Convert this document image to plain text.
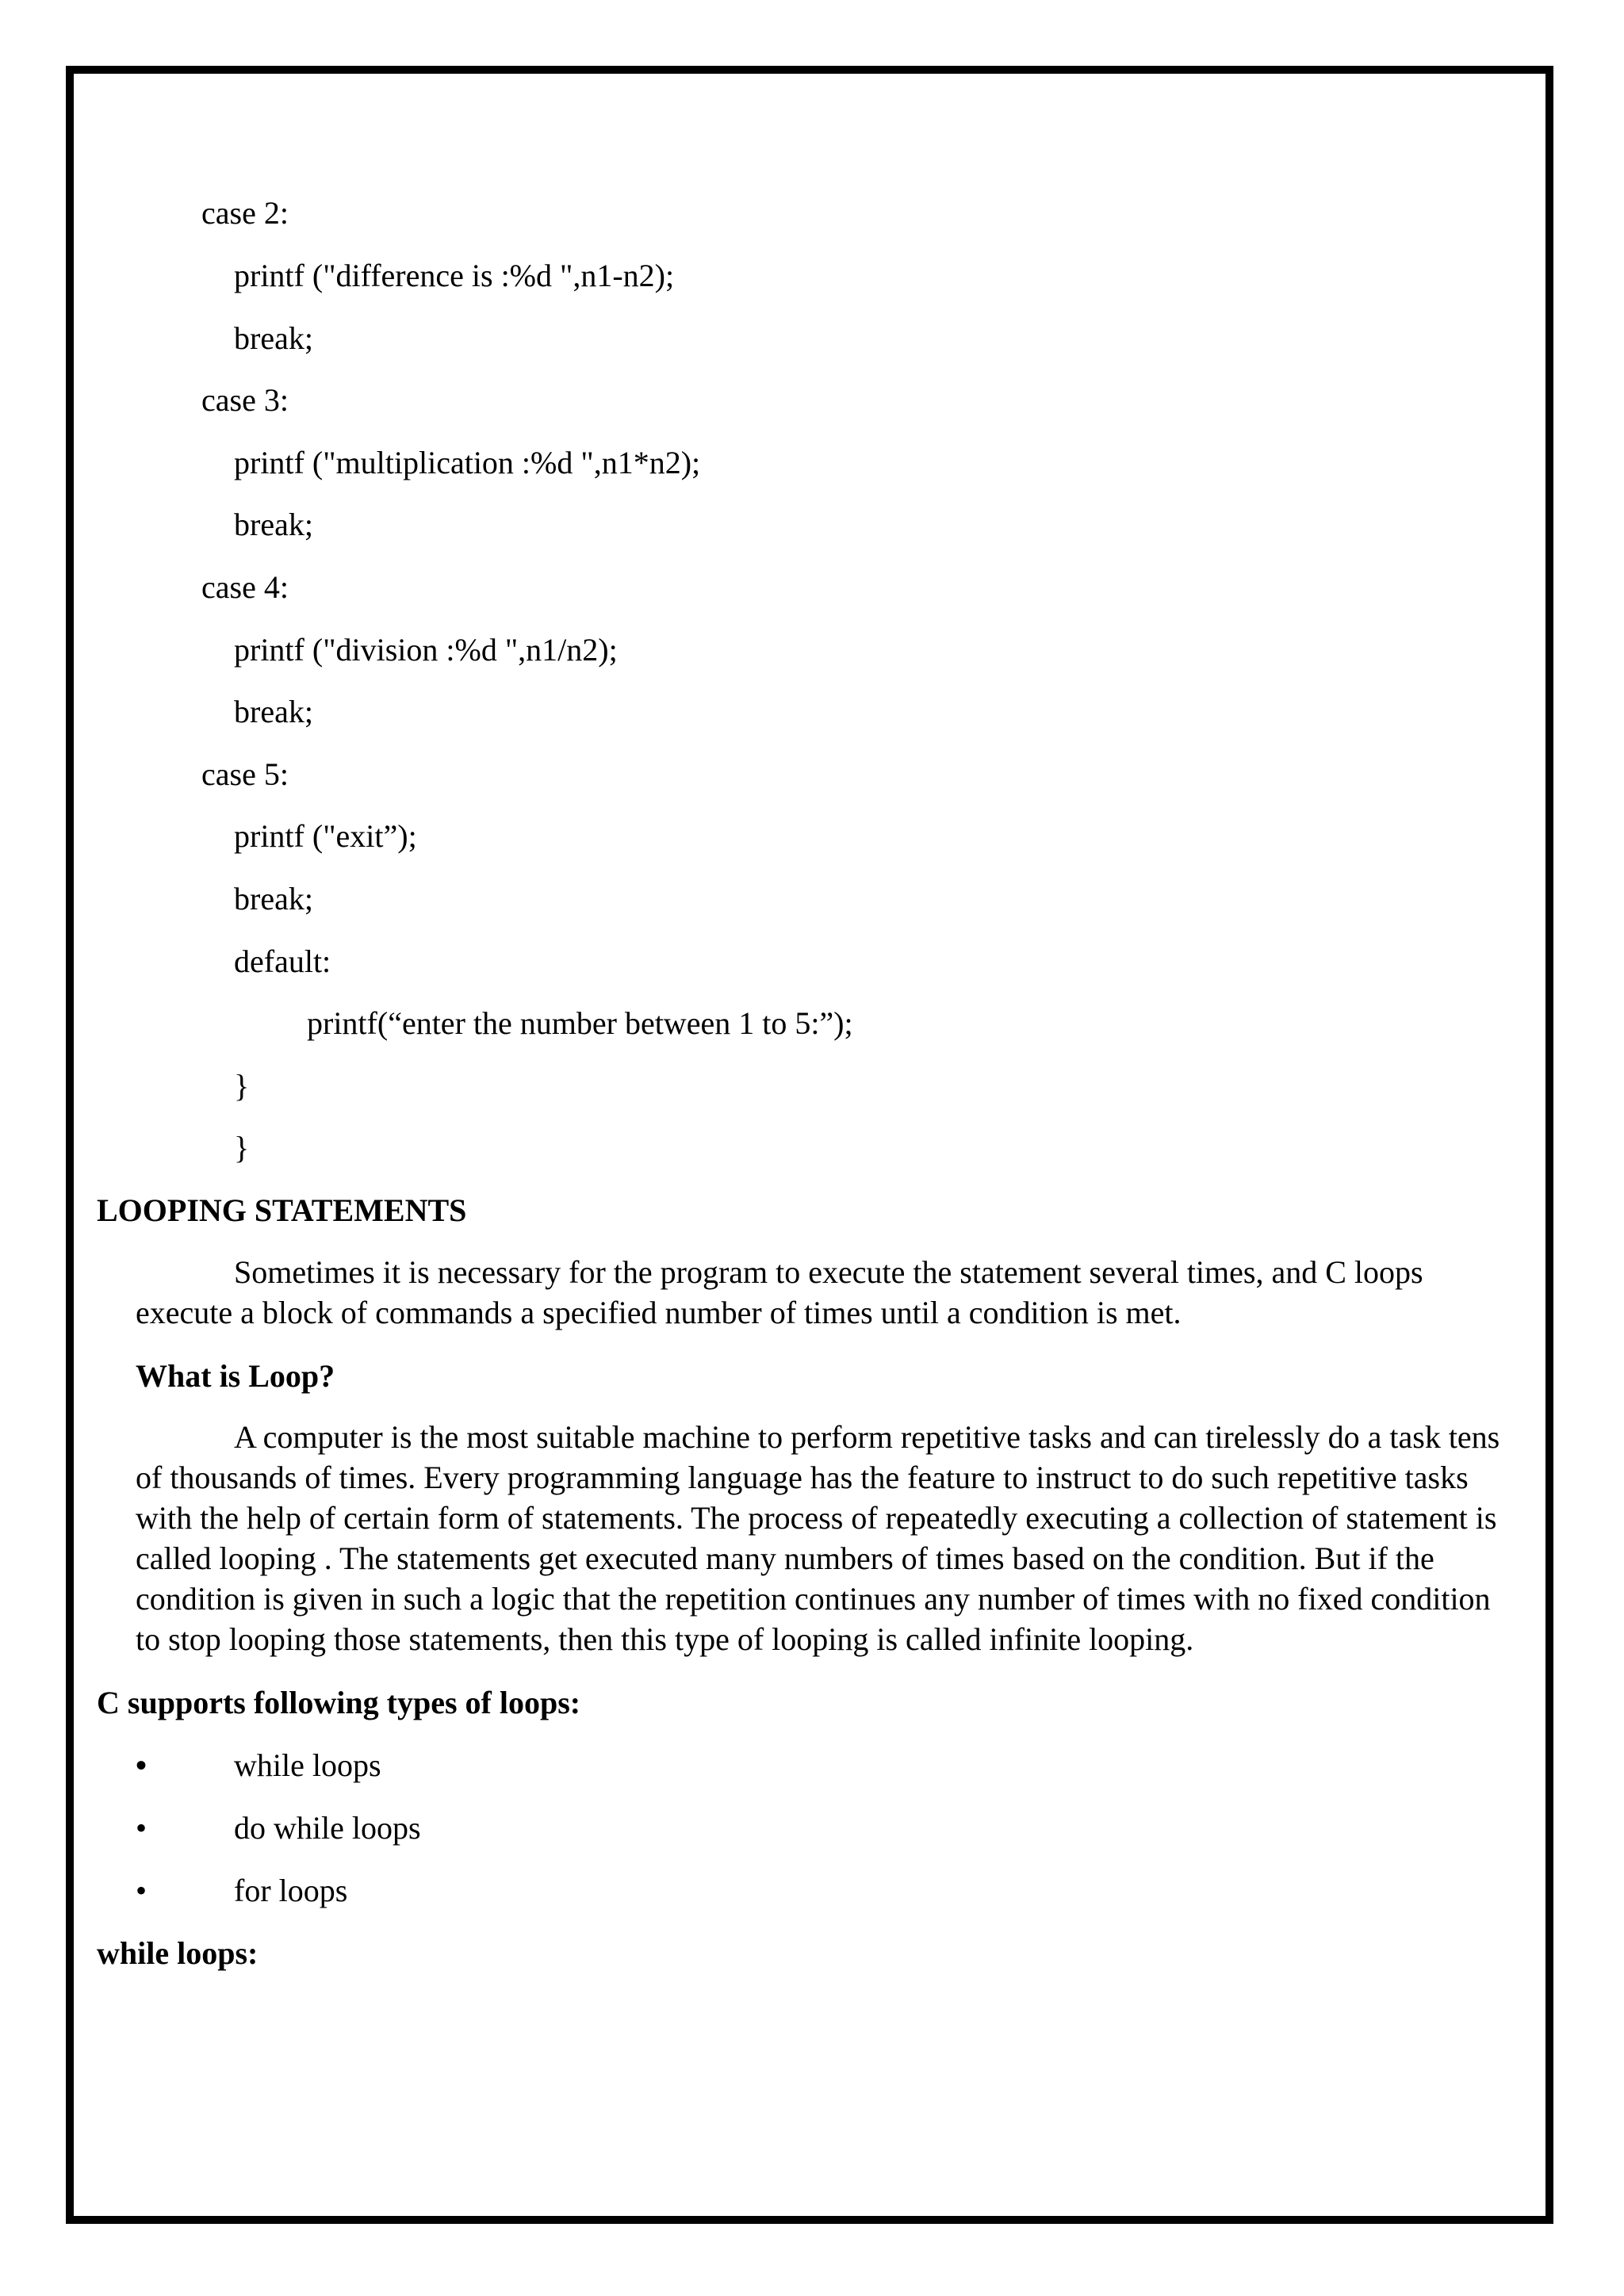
case 2:
printf ("difference is :%d ",n1-n2);
break;
case 3:
printf ("multiplication :%d ",n1*n2);
break;
case 4:
printf ("division :%d ",n1/n2);
break;
case 5:
printf ("exit”);
break;
default:
printf(“enter the number between 1 to 5:”);
}
}
LOOPING STATEMENTS
Sometimes it is necessary for the program to execute the statement several times, and C loops execute a block of commands a specified number of times until a condition is met.
What is Loop?
A computer is the most suitable machine to perform repetitive tasks and can tirelessly do a task tens of thousands of times. Every programming language has the feature to instruct to do such repetitive tasks with the help of certain form of statements. The process of repeatedly executing a collection of statement is called looping . The statements get executed many numbers of times based on the condition. But if the condition is given in such a logic that the repetition continues any number of times with no fixed condition to stop looping those statements, then this type of looping is called infinite looping.
C supports following types of loops:
•	while loops
•	do while loops
•	for loops
while loops:
